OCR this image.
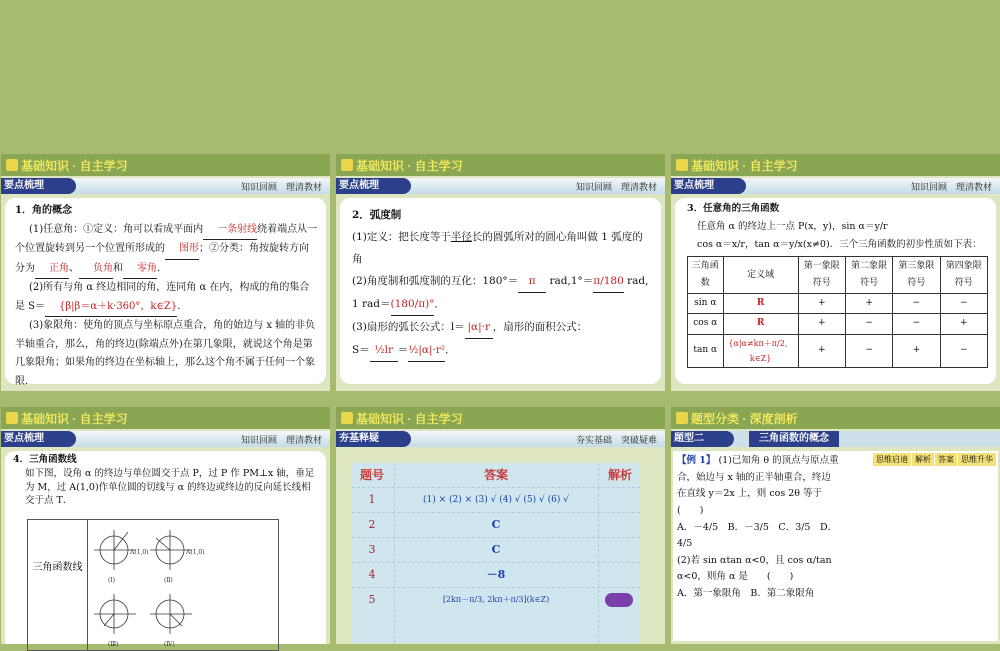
基础知识 · 自主学习
要点梳理	知识回顾　理清教材
1．角的概念
(1)任意角：①定义：角可以看成平面内 一条射线绕着端点从一个位置旋转到另一个位置所形成的 图形；②分类：角按旋转方向分为 正角、 负角和 零角．
(2)所有与角 α 终边相同的角，连同角 α 在内，构成的角的集合是 S＝ {β|β＝α＋k·360°，k∈Z}．
(3)象限角：使角的顶点与坐标原点重合，角的始边与 x 轴的非负半轴重合，那么，角的终边(除端点外)在第几象限，就说这个角是第几象限角；如果角的终边在坐标轴上，那么这个角不属于任何一个象限．
基础知识 · 自主学习
要点梳理	知识回顾　理清教材
2．弧度制
(1)定义：把长度等于半径长的圆弧所对的圆心角叫做 1 弧度的角
(2)角度制和弧度制的互化：180°＝ π rad,1°＝π/180 rad, 1 rad＝(180/π)°．
(3)扇形的弧长公式：l＝ |α|·r ，扇形的面积公式：
S＝ ½lr ＝½|α|·r²．
基础知识 · 自主学习
要点梳理	知识回顾　理清教材
3．任意角的三角函数
任意角 α 的终边上一点 P(x，y)，sin α＝y/r
cos α＝x/r，tan α＝y/x(x≠0)．三个三角函数的初步性质如下表：
三角函数	定义域	第一象限符号	第二象限符号	第三象限符号	第四象限符号
sin α	R	+	+	−	−
cos α	R	+	−	−	+
tan α	{α|α≠kπ＋π/2，k∈Z}	+	−	+	−
基础知识 · 自主学习
要点梳理	知识回顾　理清教材
4．三角函数线
如下图，设角 α 的终边与单位圆交于点 P，过 P 作 PM⊥x 轴，垂足为 M，过 A(1,0)作单位圆的切线与 α 的终边或终边的反向延长线相交于点 T．
三角函数线
A(1,0)	A(1,0)
(Ⅰ)	(Ⅱ)
(Ⅲ)	(Ⅳ)
基础知识 · 自主学习
夯基释疑	夯实基础　突破疑难
题号	答案	解析
1	(1) × (2) × (3) √ (4) √ (5) √ (6) √
2	C
3	C
4	－8
5	[2kπ－π/3, 2kπ＋π/3](k∈Z)
题型分类 · 深度剖析
题型二	三角函数的概念
思维启迪 解析 答案 思维升华
【例 1】 (1)已知角 θ 的顶点与原点重合，始边与 x 轴的正半轴重合，终边在直线 y＝2x 上，则 cos 2θ 等于　　(　　)
A．－4/5　B．－3/5　C．3/5　D．4/5
(2)若 sin αtan α<0，且 cos α/tan α<0，则角 α 是　　(　　)
A．第一象限角　B．第二象限角
